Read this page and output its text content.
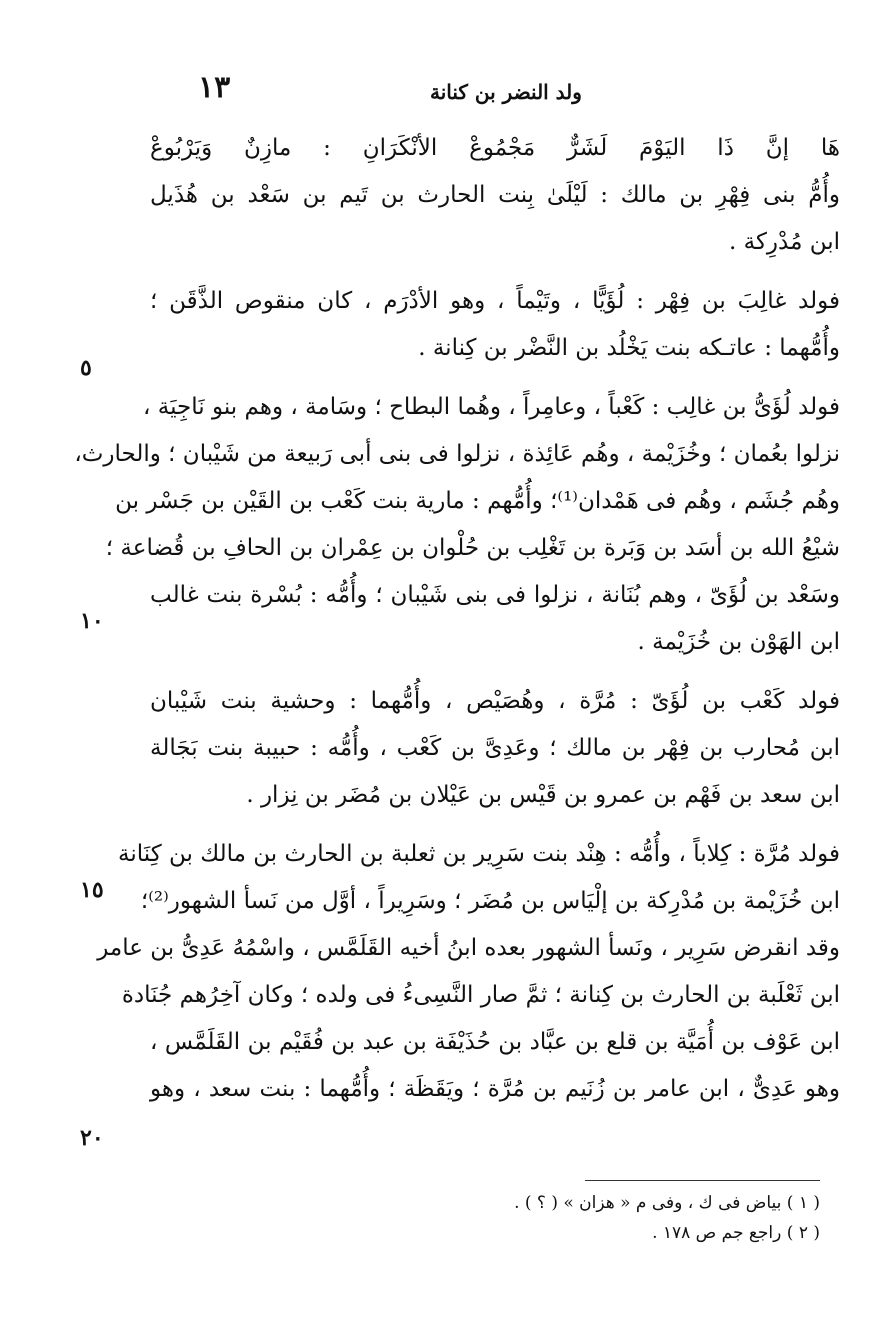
١٣	ولد النضر بن كنانة
٥
١٠
١٥
٢٠
هَا إنَّ ذَا اليَوْمَ لَشَرٌّ مَجْمُوعْ الأنْكَرَانِ : مازِنٌ وَيَرْبُوعْ
وأُمُّ بنى فِهْرِ بن مالك : لَيْلَىٰ بِنت الحارث بن تَيم بن سَعْد بن هُذَيل
ابن مُدْرِكة .
فولد غالِبَ بن فِهْر : لُؤَيًّا ، وتَيْماً ، وهو الأدْرَم ، كان منقوص الذَّقَن ؛
وأُمُّهما : عاتـكه بنت يَخْلُد بن النَّضْر بن كِنانة .
فولد لُؤَىُّ بن غالِب : كَعْباً ، وعامِراً ، وهُما البطاح ؛ وسَامة ، وهم بنو نَاجِيَة ،
نزلوا بعُمان ؛ وخُزَيْمة ، وهُم عَائِذة ، نزلوا فى بنى أبى رَبيعة من شَيْبان ؛ والحارث،
وهُم جُشَم ، وهُم فى هَمْدان⁽¹⁾؛ وأُمُّهم : مارية بنت كَعْب بن القَيْن بن جَسْر بن
شيْعُ الله بن أسَد بن وَبَرة بن تَغْلِب بن حُلْوان بن عِمْران بن الحافِ بن قُضاعة ؛
وسَعْد بن لُؤَىّ ، وهم بُنَانة ، نزلوا فى بنى شَيْبان ؛ وأُمُّه : بُسْرة بنت غالب
ابن الهَوْن بن خُزَيْمة .
فولد كَعْب بن لُؤَىّ : مُرَّة ، وهُصَيْص ، وأُمُّهما : وحشية بنت شَيْبان
ابن مُحارب بن فِهْر بن مالك ؛ وعَدِىَّ بن كَعْب ، وأُمُّه : حبيبة بنت بَجَالة
ابن سعد بن فَهْم بن عمرو بن قَيْس بن عَيْلان بن مُضَر بن نِزار .
فولد مُرَّة : كِلاباً ، وأُمُّه : هِنْد بنت سَرِير بن ثعلبة بن الحارث بن مالك بن كِنَانة
ابن خُزَيْمة بن مُدْرِكة بن إلْيَاس بن مُضَر ؛ وسَرِيراً ، أوَّل من نَسأ الشهور⁽²⁾؛
وقد انقرض سَرِير ، ونَسأ الشهور بعده ابنُ أخيه القَلَمَّس ، واسْمُهُ عَدِىُّ بن عامر
ابن ثَعْلَبة بن الحارث بن كِنانة ؛ ثمَّ صار النَّسِىءُ فى ولده ؛ وكان آخِرُهم جُنَادة
ابن عَوْف بن أُمَيَّة بن قلع بن عبَّاد بن حُذَيْفَة بن عبد بن فُقَيْم بن القَلَمَّس ،
وهو عَدِىٌّ ، ابن عامر بن زُنَيم بن مُرَّة ؛ ويَقَظَة ؛ وأُمُّهما : بنت سعد ، وهو
( ١ ) بياض فى ك ، وفى م « هزان » ( ؟ ) .
( ٢ ) راجع جم ص ١٧٨ .
